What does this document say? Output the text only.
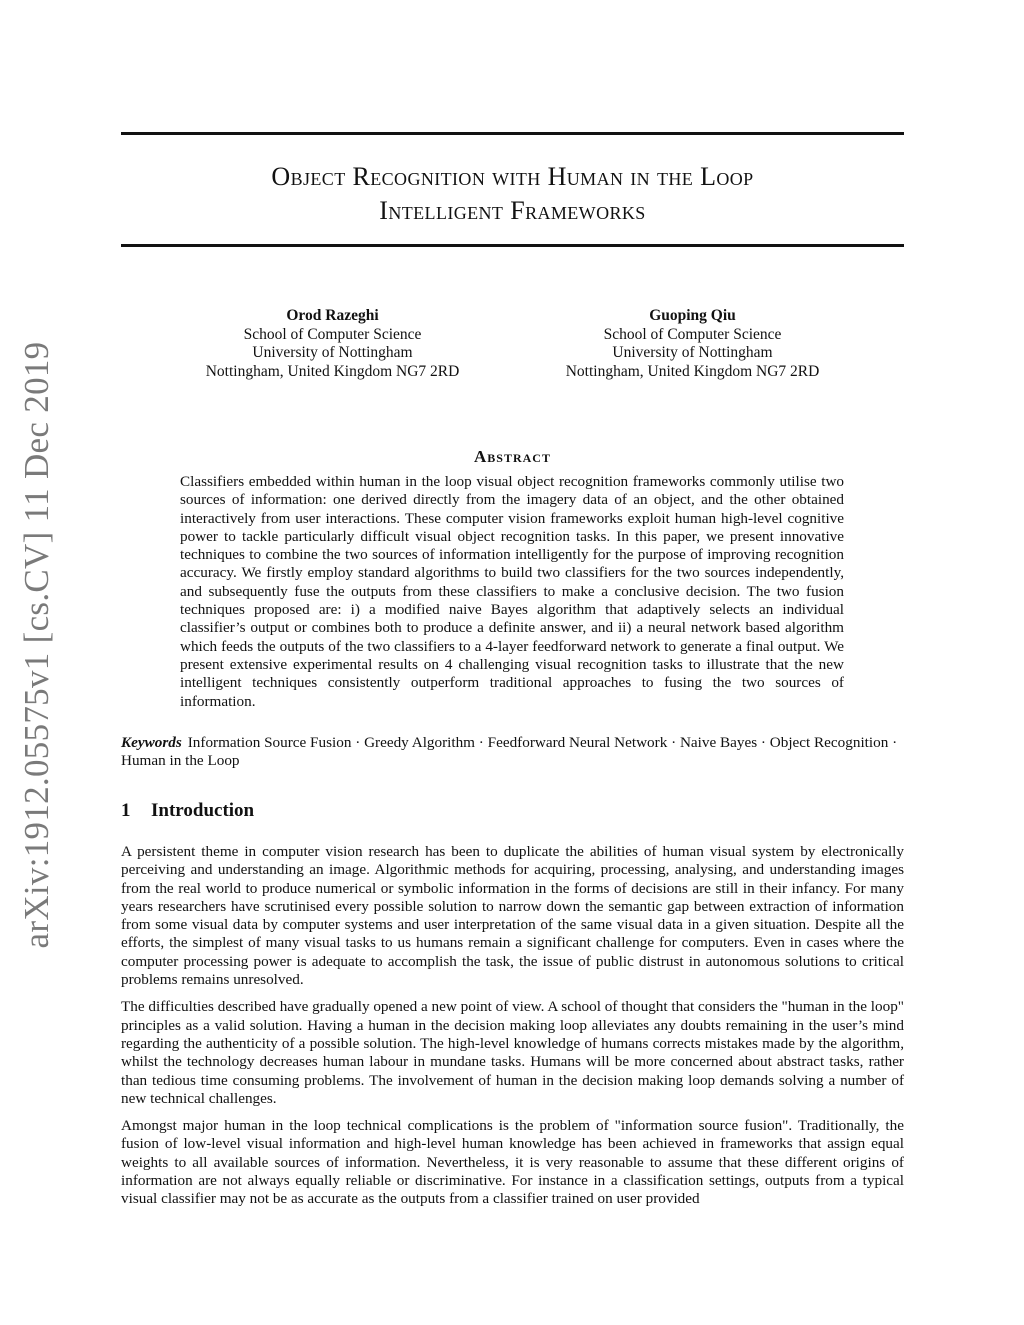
Object Recognition with Human in the Loop
Intelligent Frameworks
Orod Razeghi
School of Computer Science
University of Nottingham
Nottingham, United Kingdom NG7 2RD
Guoping Qiu
School of Computer Science
University of Nottingham
Nottingham, United Kingdom NG7 2RD
arXiv:1912.05575v1 [cs.CV] 11 Dec 2019	Abstract
Classifiers embedded within human in the loop visual object recognition frameworks commonly utilise two sources of information: one derived directly from the imagery data of an object, and the other obtained interactively from user interactions. These computer vision frameworks exploit human high-level cognitive power to tackle particularly difficult visual object recognition tasks. In this paper, we present innovative techniques to combine the two sources of information intelligently for the purpose of improving recognition accuracy. We firstly employ standard algorithms to build two classifiers for the two sources independently, and subsequently fuse the outputs from these classifiers to make a conclusive decision. The two fusion techniques proposed are: i) a modified naive Bayes algorithm that adaptively selects an individual classifier’s output or combines both to produce a definite answer, and ii) a neural network based algorithm which feeds the outputs of the two classifiers to a 4-layer feedforward network to generate a final output. We present extensive experimental results on 4 challenging visual recognition tasks to illustrate that the new intelligent techniques consistently outperform traditional approaches to fusing the two sources of information.
Keywords Information Source Fusion · Greedy Algorithm · Feedforward Neural Network · Naive Bayes · Object Recognition · Human in the Loop
1 Introduction

A persistent theme in computer vision research has been to duplicate the abilities of human visual system by electronically perceiving and understanding an image. Algorithmic methods for acquiring, processing, analysing, and understanding images from the real world to produce numerical or symbolic information in the forms of decisions are still in their infancy. For many years researchers have scrutinised every possible solution to narrow down the semantic gap between extraction of information from some visual data by computer systems and user interpretation of the same visual data in a given situation. Despite all the efforts, the simplest of many visual tasks to us humans remain a significant challenge for computers. Even in cases where the computer processing power is adequate to accomplish the task, the issue of public distrust in autonomous solutions to critical problems remains unresolved.

The difficulties described have gradually opened a new point of view. A school of thought that considers the "human in the loop" principles as a valid solution. Having a human in the decision making loop alleviates any doubts remaining in the user’s mind regarding the authenticity of a possible solution. The high-level knowledge of humans corrects mistakes made by the algorithm, whilst the technology decreases human labour in mundane tasks. Humans will be more concerned about abstract tasks, rather than tedious time consuming problems. The involvement of human in the decision making loop demands solving a number of new technical challenges.

Amongst major human in the loop technical complications is the problem of "information source fusion". Traditionally, the fusion of low-level visual information and high-level human knowledge has been achieved in frameworks that assign equal weights to all available sources of information. Nevertheless, it is very reasonable to assume that these different origins of information are not always equally reliable or discriminative. For instance in a classification settings, outputs from a typical visual classifier may not be as accurate as the outputs from a classifier trained on user provided
